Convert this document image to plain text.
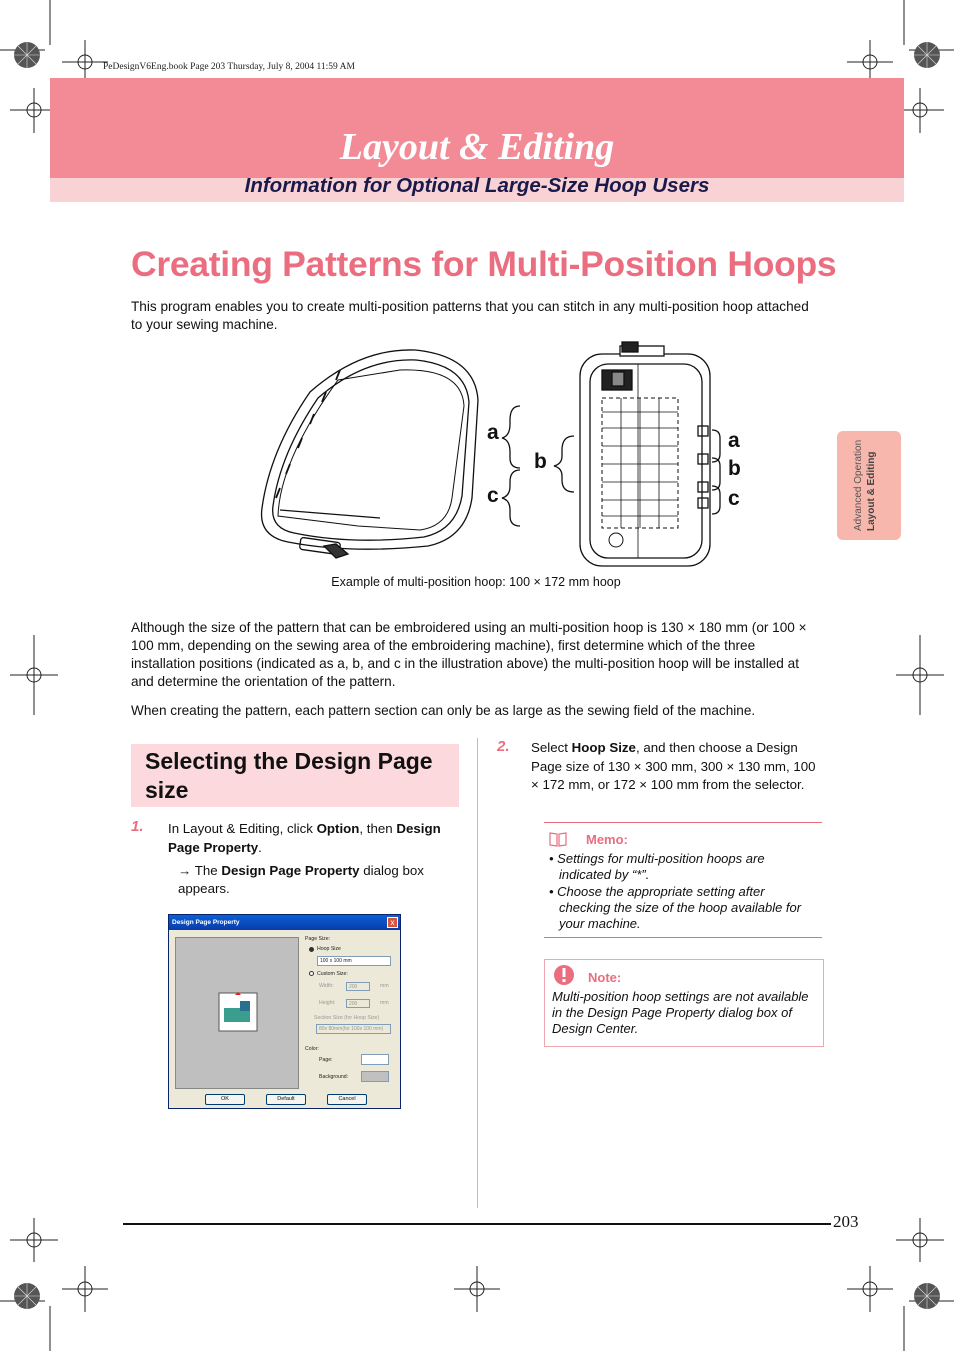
PeDesignV6Eng.book Page 203 Thursday, July 8, 2004 11:59 AM
Layout & Editing
Information for Optional Large-Size Hoop Users
Creating Patterns for Multi-Position Hoops
This program enables you to create multi-position patterns that you can stitch in any multi-position hoop attached to your sewing machine.
a
b
c
a
b
c
Example of multi-position hoop: 100 × 172 mm hoop
Although the size of the pattern that can be embroidered using an multi-position hoop is 130 × 180 mm (or 100 × 100 mm, depending on the sewing area of the embroidering machine), first determine which of the three installation positions (indicated as a, b, and c in the illustration above) the multi-position hoop will be installed at and determine the orientation of the pattern.
When creating the pattern, each pattern section can only be as large as the sewing field of the machine.
Selecting the Design Page size
1. In Layout & Editing, click Option, then Design Page Property.
→ The Design Page Property dialog box appears.
Design Page Property	x
Page Size:
Hoop Size
100 x 100 mm
Custom Size:
Width:	200	mm
Height:	200	mm
Section Size (for Hoop Size)
80x 80mm(for 100x 100 mm)
Color:
Page:
Background:
OK	Default	Cancel
2. Select Hoop Size, and then choose a Design Page size of 130 × 300 mm, 300 × 130 mm, 100 × 172 mm, or 172 × 100 mm from the selector.
Memo:
• Settings for multi-position hoops are indicated by “*”.
• Choose the appropriate setting after checking the size of the hoop available for your machine.
Note:
Multi-position hoop settings are not available in the Design Page Property dialog box of Design Center.
Advanced Operation Layout & Editing
203
